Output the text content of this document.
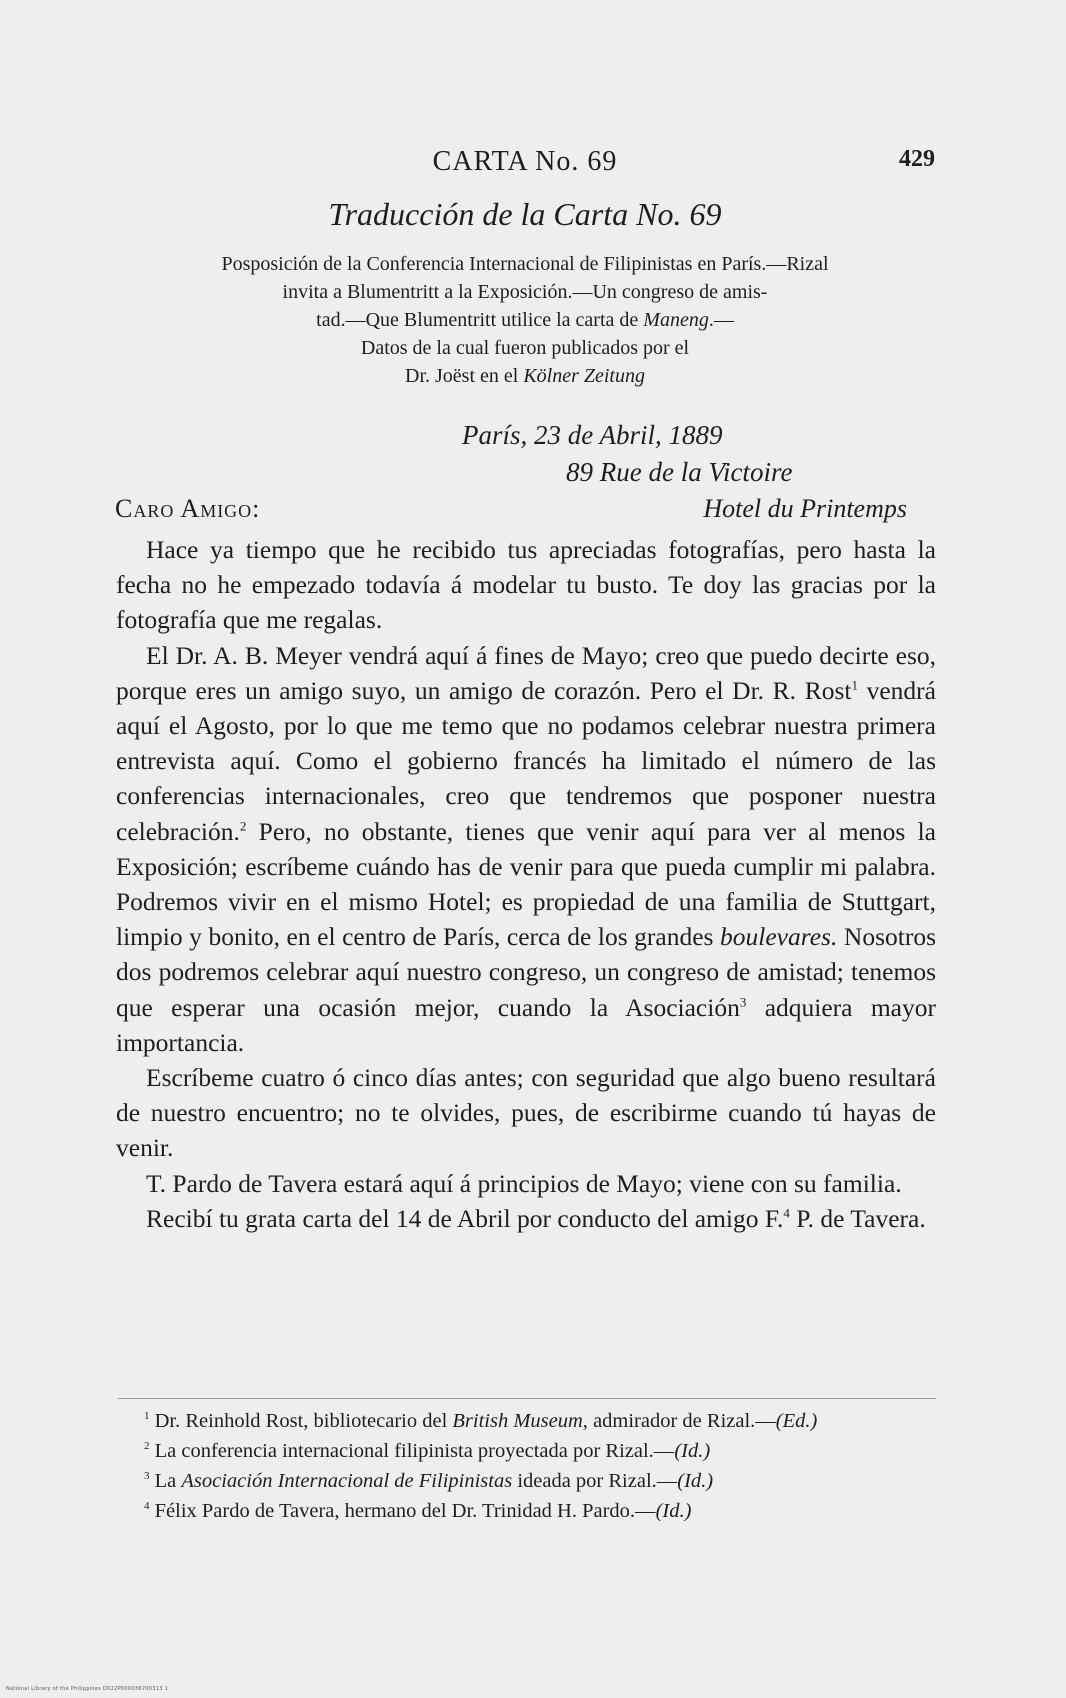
CARTA No. 69	429
Traducción de la Carta No. 69
Posposición de la Conferencia Internacional de Filipinistas en París.—Rizal
invita a Blumentritt a la Exposición.—Un congreso de amis-
tad.—Que Blumentritt utilice la carta de Maneng.—
Datos de la cual fueron publicados por el
Dr. Joëst en el Kölner Zeitung
París, 23 de Abril, 1889
89 Rue de la Victoire
Caro Amigo:	Hotel du Printemps

Hace ya tiempo que he recibido tus apreciadas fotografías, pero hasta la fecha no he empezado todavía á modelar tu busto. Te doy las gracias por la fotografía que me regalas.

El Dr. A. B. Meyer vendrá aquí á fines de Mayo; creo que puedo decirte eso, porque eres un amigo suyo, un amigo de corazón. Pero el Dr. R. Rost$^1$ vendrá aquí el Agosto, por lo que me temo que no podamos celebrar nuestra primera entrevista aquí. Como el gobierno francés ha limitado el número de las conferencias internacionales, creo que tendremos que posponer nuestra celebración.$^2$ Pero, no obstante, tienes que venir aquí para ver al menos la Exposición; escríbeme cuándo has de venir para que pueda cumplir mi palabra. Podremos vivir en el mismo Hotel; es propiedad de una familia de Stuttgart, limpio y bonito, en el centro de París, cerca de los grandes boulevares. Nosotros dos podremos celebrar aquí nuestro congreso, un congreso de amistad; tenemos que esperar una ocasión mejor, cuando la Asociación$^3$ adquiera mayor importancia.

Escríbeme cuatro ó cinco días antes; con seguridad que algo bueno resultará de nuestro encuentro; no te olvides, pues, de escribirme cuando tú hayas de venir.

T. Pardo de Tavera estará aquí á principios de Mayo; viene con su familia.

Recibí tu grata carta del 14 de Abril por conducto del amigo F.$^4$ P. de Tavera.

$^1$ Dr. Reinhold Rost, bibliotecario del British Museum, admirador de Rizal.—(Ed.)

$^2$ La conferencia internacional filipinista proyectada por Rizal.—(Id.)

$^3$ La Asociación Internacional de Filipinistas ideada por Rizal.—(Id.)

$^4$ Félix Pardo de Tavera, hermano del Dr. Trinidad H. Pardo.—(Id.)

National Library of the Philippines D022P000036700313 1
